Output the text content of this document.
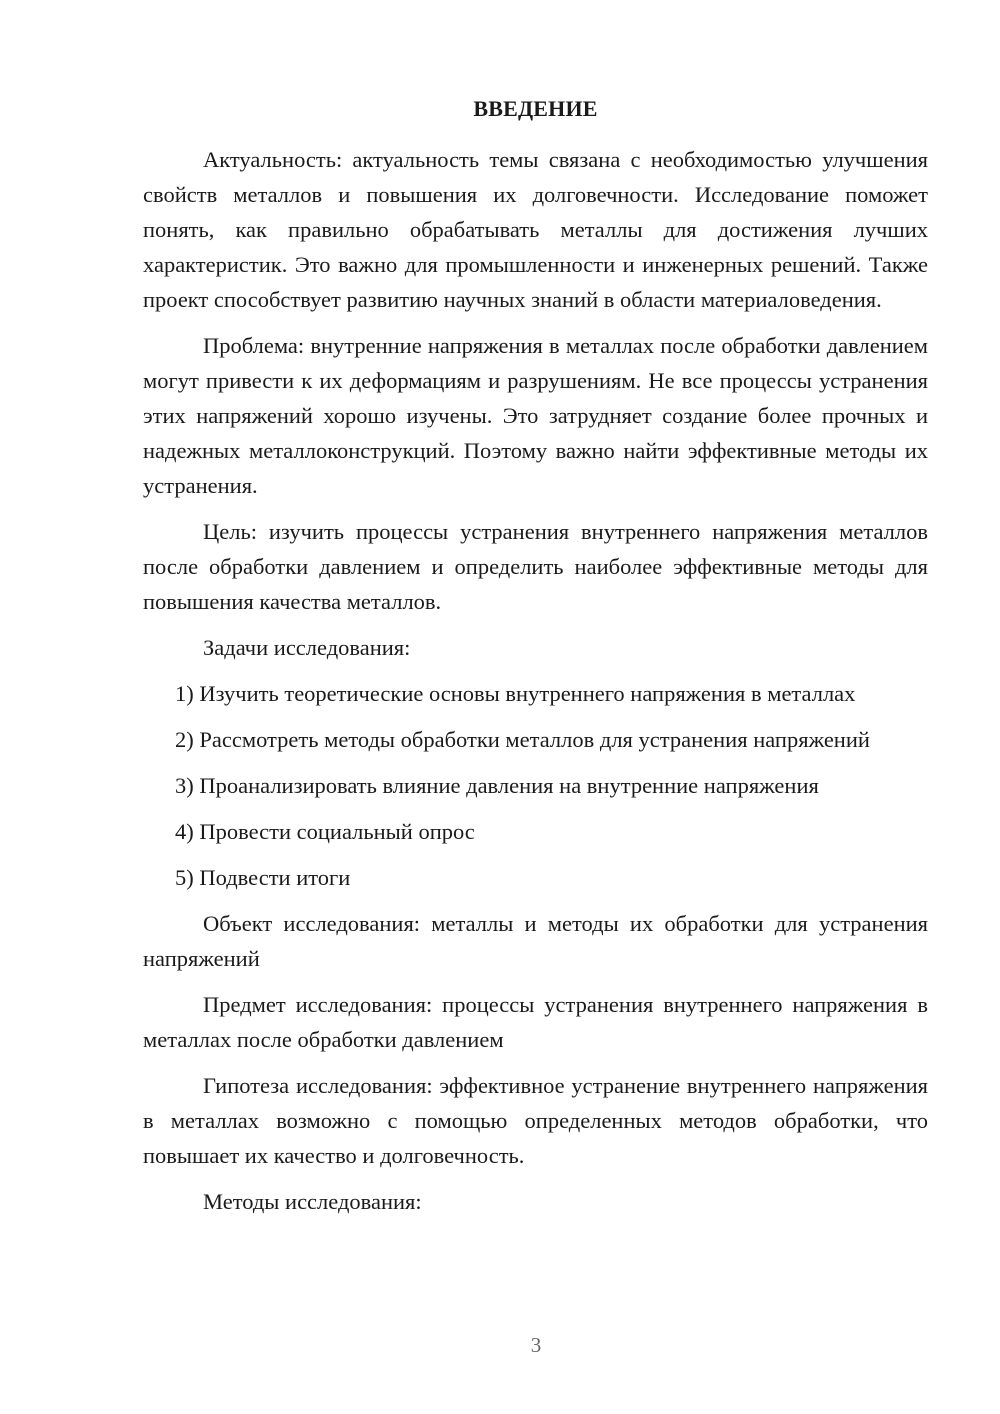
ВВЕДЕНИЕ

Актуальность: актуальность темы связана с необходимостью улучшения свойств металлов и повышения их долговечности. Исследование поможет понять, как правильно обрабатывать металлы для достижения лучших характеристик. Это важно для промышленности и инженерных решений. Также проект способствует развитию научных знаний в области материаловедения.

Проблема: внутренние напряжения в металлах после обработки давлением могут привести к их деформациям и разрушениям. Не все процессы устранения этих напряжений хорошо изучены. Это затрудняет создание более прочных и надежных металлоконструкций. Поэтому важно найти эффективные методы их устранения.

Цель: изучить процессы устранения внутреннего напряжения металлов после обработки давлением и определить наиболее эффективные методы для повышения качества металлов.

Задачи исследования:

1) Изучить теоретические основы внутреннего напряжения в металлах

2) Рассмотреть методы обработки металлов для устранения напряжений

3) Проанализировать влияние давления на внутренние напряжения

4) Провести социальный опрос

5) Подвести итоги

Объект исследования: металлы и методы их обработки для устранения напряжений

Предмет исследования: процессы устранения внутреннего напряжения в металлах после обработки давлением

Гипотеза исследования: эффективное устранение внутреннего напряжения в металлах возможно с помощью определенных методов обработки, что повышает их качество и долговечность.

Методы исследования:

3
